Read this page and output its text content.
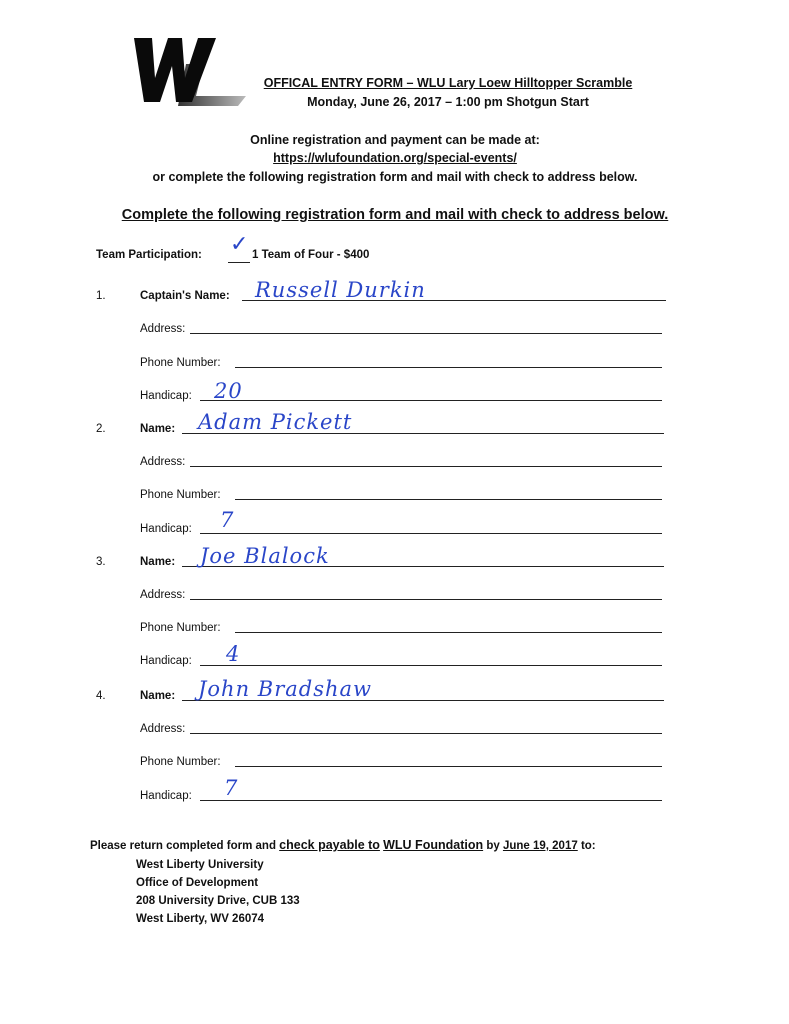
OFFICAL ENTRY FORM – WLU Lary Loew Hilltopper Scramble
Monday, June 26, 2017 – 1:00 pm Shotgun Start
Online registration and payment can be made at:
https://wlufoundation.org/special-events/
or complete the following registration form and mail with check to address below.
Complete the following registration form and mail with check to address below.
Team Participation: ✓ 1 Team of Four - $400
1.	Captain's Name: Russell Durkin
Address:
Phone Number:
Handicap: 20
2.	Name: Adam Pickett
Address:
Phone Number:
Handicap: 7
3.	Name: Joe Blalock
Address:
Phone Number:
Handicap: 4
4.	Name: John Bradshaw
Address:
Phone Number:
Handicap: 7
Please return completed form and check payable to WLU Foundation by June 19, 2017 to:
West Liberty University
Office of Development
208 University Drive, CUB 133
West Liberty, WV 26074
